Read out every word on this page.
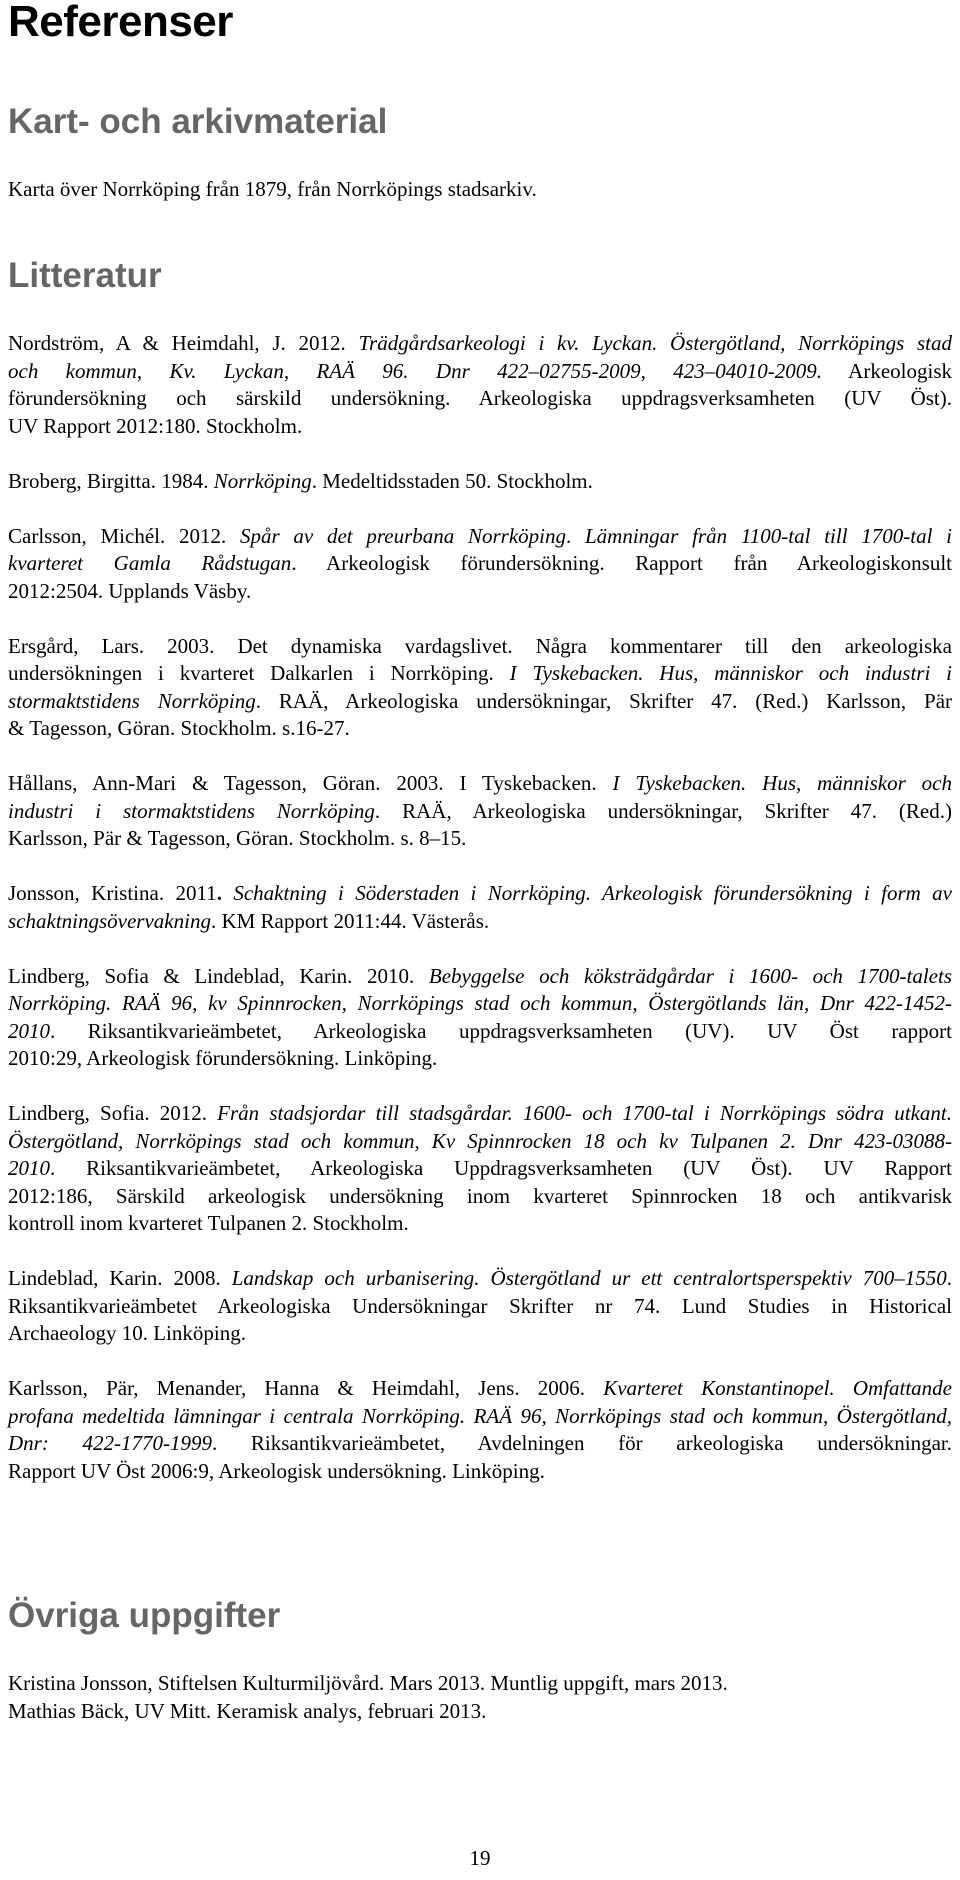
Referenser
Kart- och arkivmaterial
Karta över Norrköping från 1879, från Norrköpings stadsarkiv.
Litteratur
Nordström, A & Heimdahl, J. 2012. Trädgårdsarkeologi i kv. Lyckan. Östergötland, Norrköpings stad
och kommun, Kv. Lyckan, RAÄ 96. Dnr 422–02755-2009, 423–04010-2009. Arkeologisk
förundersökning och särskild undersökning. Arkeologiska uppdragsverksamheten (UV Öst).
UV Rapport 2012:180. Stockholm.
Broberg, Birgitta. 1984. Norrköping. Medeltidsstaden 50. Stockholm.
Carlsson, Michél. 2012. Spår av det preurbana Norrköping. Lämningar från 1100-tal till 1700-tal i
kvarteret Gamla Rådstugan. Arkeologisk förundersökning. Rapport från Arkeologiskonsult
2012:2504. Upplands Väsby.
Ersgård, Lars. 2003. Det dynamiska vardagslivet. Några kommentarer till den arkeologiska
undersökningen i kvarteret Dalkarlen i Norrköping. I Tyskebacken. Hus, människor och industri i
stormaktstidens Norrköping. RAÄ, Arkeologiska undersökningar, Skrifter 47. (Red.) Karlsson, Pär
& Tagesson, Göran. Stockholm. s.16-27.
Hållans, Ann-Mari & Tagesson, Göran. 2003. I Tyskebacken. I Tyskebacken. Hus, människor och
industri i stormaktstidens Norrköping. RAÄ, Arkeologiska undersökningar, Skrifter 47. (Red.)
Karlsson, Pär & Tagesson, Göran. Stockholm. s. 8–15.
Jonsson, Kristina. 2011. Schaktning i Söderstaden i Norrköping. Arkeologisk förundersökning i form av
schaktningsövervakning. KM Rapport 2011:44. Västerås.
Lindberg, Sofia & Lindeblad, Karin. 2010. Bebyggelse och köksträdgårdar i 1600- och 1700-talets
Norrköping. RAÄ 96, kv Spinnrocken, Norrköpings stad och kommun, Östergötlands län, Dnr 422-1452-
2010. Riksantikvarieämbetet, Arkeologiska uppdragsverksamheten (UV). UV Öst rapport
2010:29, Arkeologisk förundersökning. Linköping.
Lindberg, Sofia. 2012. Från stadsjordar till stadsgårdar. 1600- och 1700-tal i Norrköpings södra utkant.
Östergötland, Norrköpings stad och kommun, Kv Spinnrocken 18 och kv Tulpanen 2. Dnr 423-03088-
2010. Riksantikvarieämbetet, Arkeologiska Uppdragsverksamheten (UV Öst). UV Rapport
2012:186, Särskild arkeologisk undersökning inom kvarteret Spinnrocken 18 och antikvarisk
kontroll inom kvarteret Tulpanen 2. Stockholm.
Lindeblad, Karin. 2008. Landskap och urbanisering. Östergötland ur ett centralortsperspektiv 700–1550.
Riksantikvarieämbetet Arkeologiska Undersökningar Skrifter nr 74. Lund Studies in Historical
Archaeology 10. Linköping.
Karlsson, Pär, Menander, Hanna & Heimdahl, Jens. 2006. Kvarteret Konstantinopel. Omfattande
profana medeltida lämningar i centrala Norrköping. RAÄ 96, Norrköpings stad och kommun, Östergötland,
Dnr: 422-1770-1999. Riksantikvarieämbetet, Avdelningen för arkeologiska undersökningar.
Rapport UV Öst 2006:9, Arkeologisk undersökning. Linköping.
Övriga uppgifter
Kristina Jonsson, Stiftelsen Kulturmiljövård. Mars 2013. Muntlig uppgift, mars 2013.
Mathias Bäck, UV Mitt. Keramisk analys, februari 2013.
19
